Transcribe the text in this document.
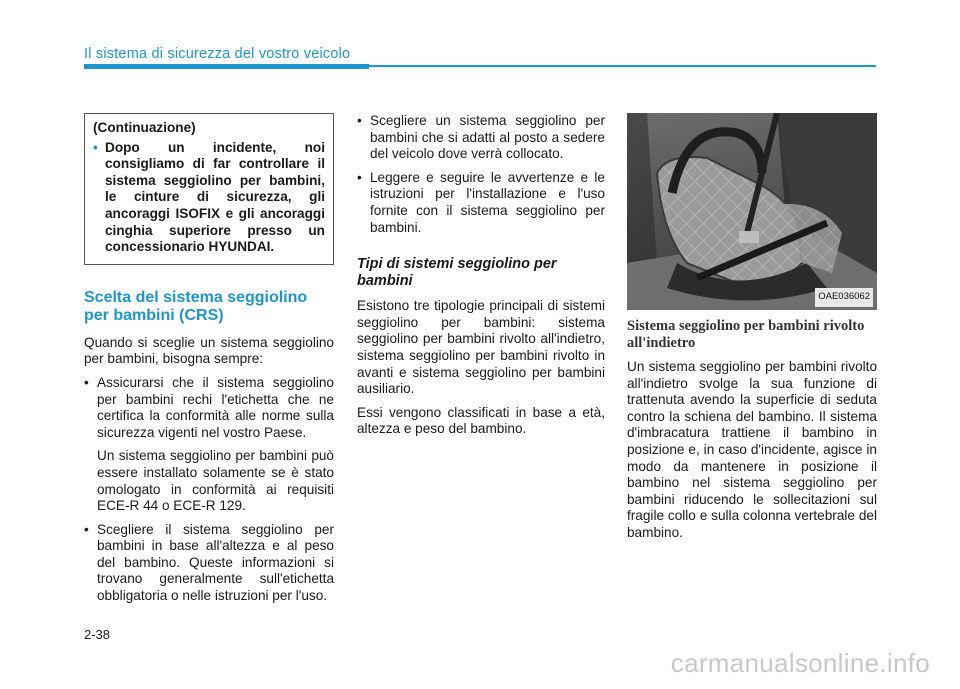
Il sistema di sicurezza del vostro veicolo
(Continuazione)
• Dopo un incidente, noi consigliamo di far controllare il sistema seggiolino per bambini, le cinture di sicurezza, gli ancoraggi ISOFIX e gli ancoraggi cinghia superiore presso un concessionario HYUNDAI.
Scelta del sistema seggiolino per bambini (CRS)

Quando si sceglie un sistema seggiolino per bambini, bisogna sempre:

• Assicurarsi che il sistema seggiolino per bambini rechi l'etichetta che ne certifica la conformità alle norme sulla sicurezza vigenti nel vostro Paese.
Un sistema seggiolino per bambini può essere installato solamente se è stato omologato in conformità ai requisiti ECE-R 44 o ECE-R 129.
• Scegliere il sistema seggiolino per bambini in base all'altezza e al peso del bambino. Queste informazioni si trovano generalmente sull'etichetta obbligatoria o nelle istruzioni per l'uso.
• Scegliere un sistema seggiolino per bambini che si adatti al posto a sedere del veicolo dove verrà collocato.
• Leggere e seguire le avvertenze e le istruzioni per l'installazione e l'uso fornite con il sistema seggiolino per bambini.
Tipi di sistemi seggiolino per bambini

Esistono tre tipologie principali di sistemi seggiolino per bambini: sistema seggiolino per bambini rivolto all'indietro, sistema seggiolino per bambini rivolto in avanti e sistema seggiolino per bambini ausiliario.

Essi vengono classificati in base a età, altezza e peso del bambino.

OAE036062
Sistema seggiolino per bambini rivolto all'indietro

Un sistema seggiolino per bambini rivolto all'indietro svolge la sua funzione di trattenuta avendo la superficie di seduta contro la schiena del bambino. Il sistema d'imbracatura trattiene il bambino in posizione e, in caso d'incidente, agisce in modo da mantenere in posizione il bambino nel sistema seggiolino per bambini riducendo le sollecitazioni sul fragile collo e sulla colonna vertebrale del bambino.

2-38
carmanualsonline.info
